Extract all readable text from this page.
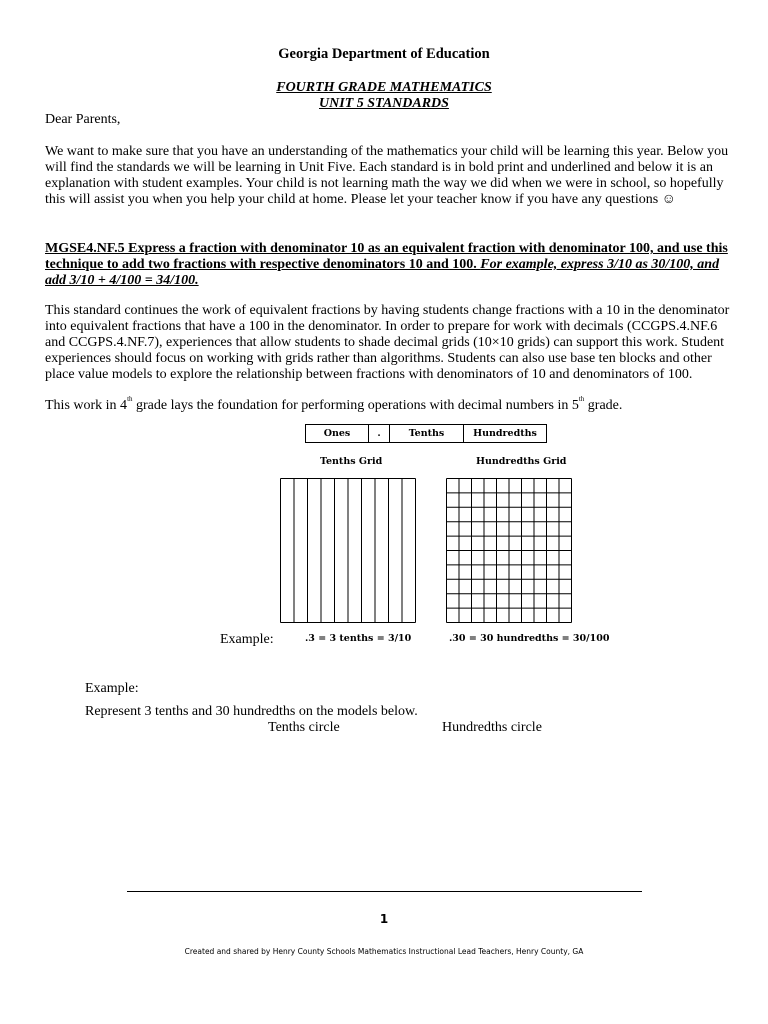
Georgia Department of Education
FOURTH GRADE MATHEMATICS
UNIT 5 STANDARDS
Dear Parents,
We want to make sure that you have an understanding of the mathematics your child will be learning this year. Below you will find the standards we will be learning in Unit Five. Each standard is in bold print and underlined and below it is an explanation with student examples. Your child is not learning math the way we did when we were in school, so hopefully this will assist you when you help your child at home. Please let your teacher know if you have any questions ☺
MGSE4.NF.5 Express a fraction with denominator 10 as an equivalent fraction with denominator 100, and use this technique to add two fractions with respective denominators 10 and 100. For example, express 3/10 as 30/100, and add 3/10 + 4/100 = 34/100.
This standard continues the work of equivalent fractions by having students change fractions with a 10 in the denominator into equivalent fractions that have a 100 in the denominator. In order to prepare for work with decimals (CCGPS.4.NF.6 and CCGPS.4.NF.7), experiences that allow students to shade decimal grids (10×10 grids) can support this work. Student experiences should focus on working with grids rather than algorithms. Students can also use base ten blocks and other place value models to explore the relationship between fractions with denominators of 10 and denominators of 100.
This work in 4th grade lays the foundation for performing operations with decimal numbers in 5th grade.
Ones	.	Tenths	Hundredths
Tenths Grid	Hundredths Grid
Example:	.3 = 3 tenths = 3/10	.30 = 30 hundredths = 30/100
Example:
Represent 3 tenths and 30 hundredths on the models below.
Tenths circle	Hundredths circle
1
Created and shared by Henry County Schools Mathematics Instructional Lead Teachers, Henry County, GA
